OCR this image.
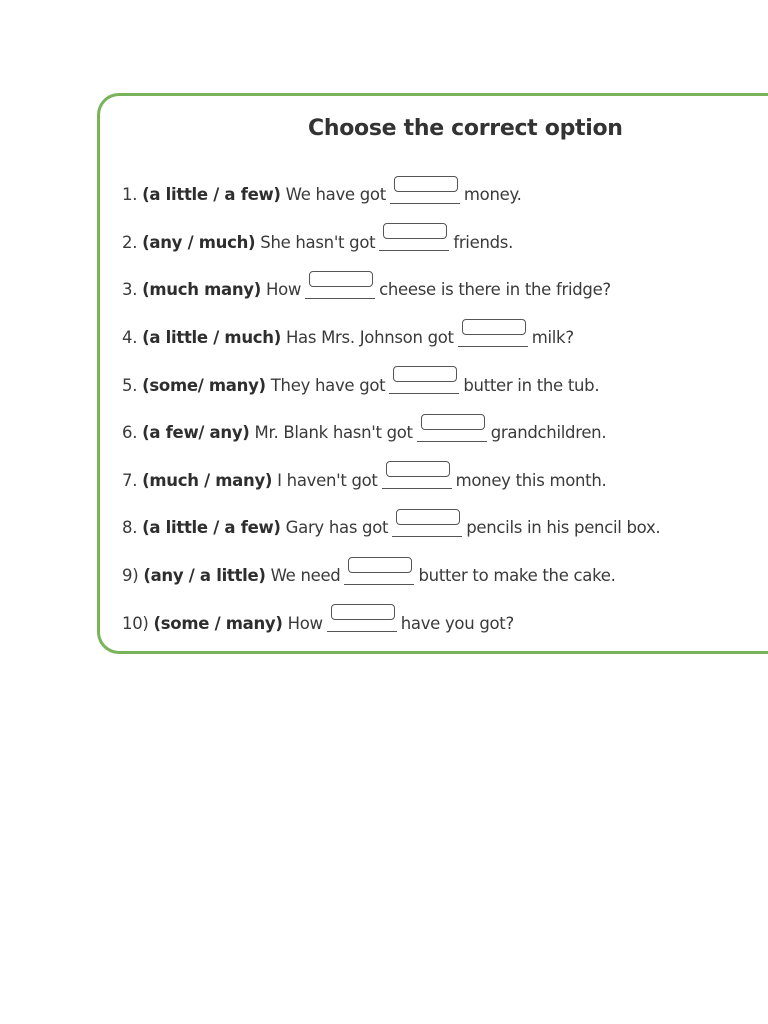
Choose the correct option
1. (a little / a few) We have got	money.
2. (any / much) She hasn't got	friends.
3. (much many) How	cheese is there in the fridge?
4. (a little / much) Has Mrs. Johnson got	milk?
5. (some/ many) They have got	butter in the tub.
6. (a few/ any) Mr. Blank hasn't got	grandchildren.
7. (much / many) I haven't got	money this month.
8. (a little / a few) Gary has got	pencils in his pencil box.
9) (any / a little) We need	butter to make the cake.
10) (some / many) How	have you got?
